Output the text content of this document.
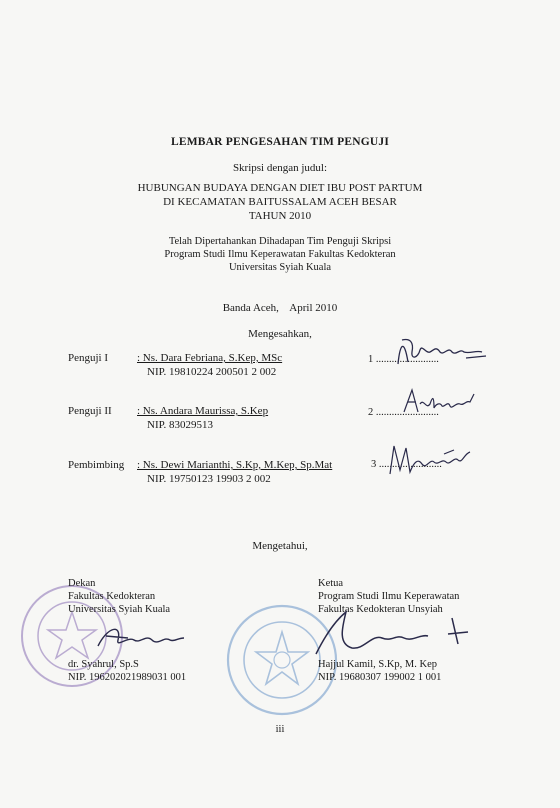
LEMBAR PENGESAHAN TIM PENGUJI
Skripsi dengan judul:
HUBUNGAN BUDAYA DENGAN DIET IBU POST PARTUM
DI KECAMATAN BAITUSSALAM ACEH BESAR
TAHUN 2010
Telah Dipertahankan Dihadapan Tim Penguji Skripsi
Program Studi Ilmu Keperawatan Fakultas Kedokteran
Universitas Syiah Kuala
Banda Aceh,    April 2010
Mengesahkan,
Penguji I	: Ns. Dara Febriana, S.Kep, MSc
NIP. 19810224 200501 2 002
1 ........................
Penguji II : Ns. Andara Maurissa, S.Kep
NIP. 83029513
2 ........................
Pembimbing : Ns. Dewi Marianthi, S.Kp, M.Kep, Sp.Mat
NIP. 19750123 19903 2 002
3 ........................
Mengetahui,
Dekan
Fakultas Kedokteran
Universitas Syiah Kuala
dr. Syahrul, Sp.S
NIP. 196202021989031 001
Ketua
Program Studi Ilmu Keperawatan
Fakultas Kedokteran Unsyiah
Hajjul Kamil, S.Kp, M. Kep
NIP. 19680307 199002 1 001
iii
